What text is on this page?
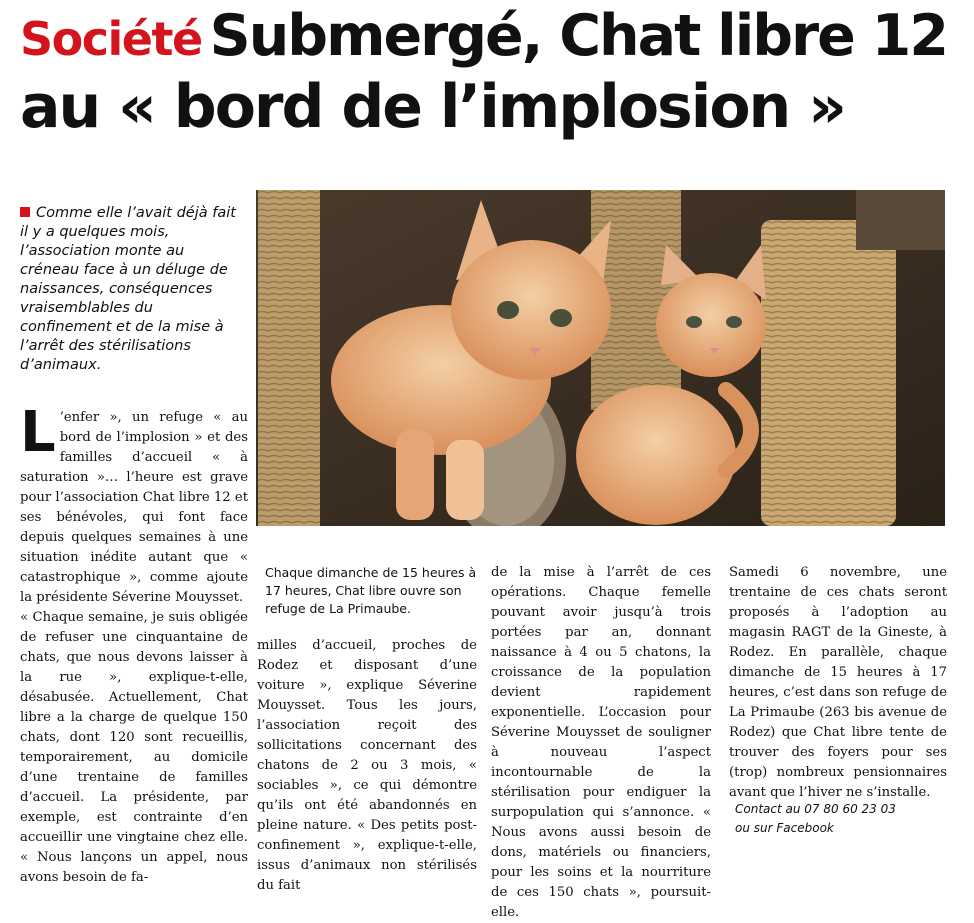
Société Submergé, Chat libre 12
au « bord de l’implosion »

Comme elle l’avait déjà fait il y a quelques mois, l’association monte au créneau face à un déluge de naissances, conséquences vraisemblables du confinement et de la mise à l’arrêt des stérilisations d’animaux.

Chaque dimanche de 15 heures à 17 heures, Chat libre ouvre son refuge de La Primaube.

L ’enfer », un refuge « au bord de l’implosion » et des familles d’accueil « à saturation »… l’heure est grave pour l’association Chat libre 12 et ses bénévoles, qui font face depuis quelques semaines à une situation inédite autant que « catastrophique », comme ajoute la présidente Séverine Mouysset.

« Chaque semaine, je suis obligée de refuser une cinquantaine de chats, que nous devons laisser à la rue », explique-t-elle, désabusée. Actuellement, Chat libre a la charge de quelque 150 chats, dont 120 sont recueillis, temporairement, au domicile d’une trentaine de familles d’accueil. La présidente, par exemple, est contrainte d’en accueillir une vingtaine chez elle. « Nous lançons un appel, nous avons besoin de fa-

milles d’accueil, proches de Rodez et disposant d’une voiture », explique Séverine Mouysset. Tous les jours, l’association reçoit des sollicitations concernant des chatons de 2 ou 3 mois, « sociables », ce qui démontre qu’ils ont été abandonnés en pleine nature. « Des petits post-confinement », explique-t-elle, issus d’animaux non stérilisés du fait

de la mise à l’arrêt de ces opérations. Chaque femelle pouvant avoir jusqu’à trois portées par an, donnant naissance à 4 ou 5 chatons, la croissance de la population devient rapidement exponentielle. L’occasion pour Séverine Mouysset de souligner à nouveau l’aspect incontournable de la stérilisation pour endiguer la surpopulation qui s’annonce. « Nous avons aussi besoin de dons, matériels ou financiers, pour les soins et la nourriture de ces 150 chats », poursuit-elle.

Samedi 6 novembre, une trentaine de ces chats seront proposés à l’adoption au magasin RAGT de la Gineste, à Rodez. En parallèle, chaque dimanche de 15 heures à 17 heures, c’est dans son refuge de La Primaube (263 bis avenue de Rodez) que Chat libre tente de trouver des foyers pour ses (trop) nombreux pensionnaires avant que l’hiver ne s’installe.

Contact au 07 80 60 23 03
ou sur Facebook
